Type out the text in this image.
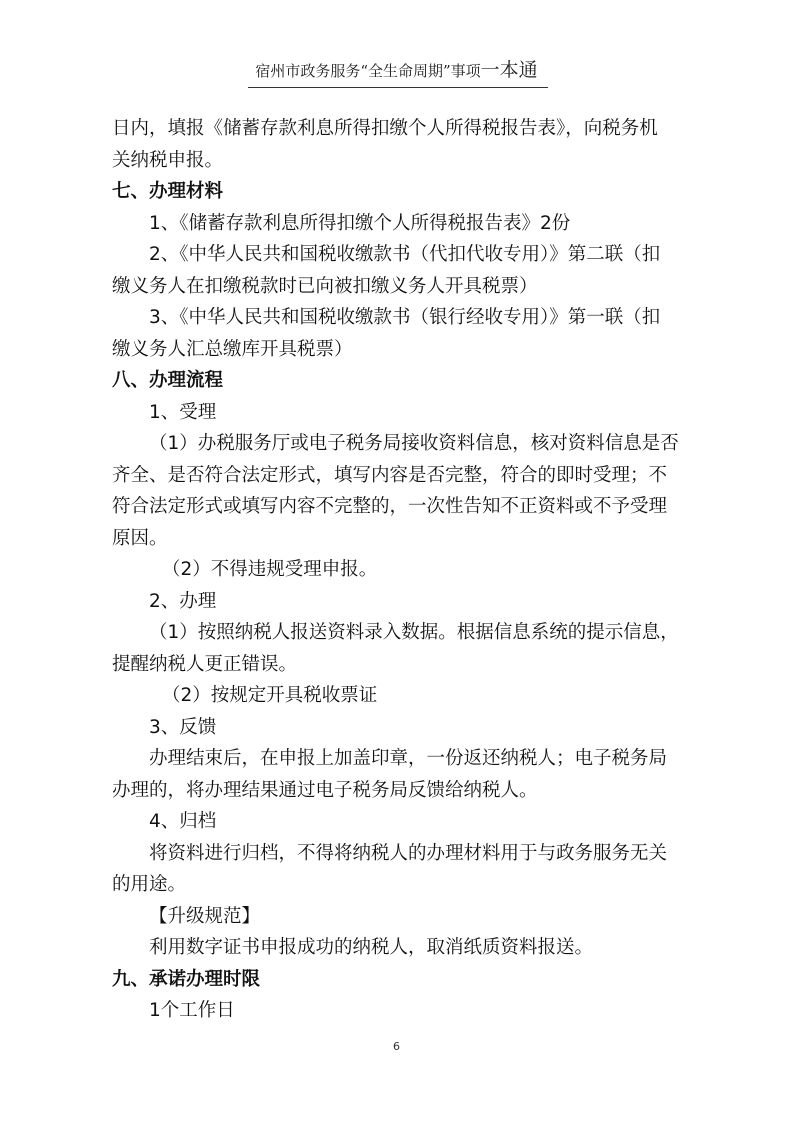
宿州市政务服务“全生命周期”事项一本通
日内，填报《储蓄存款利息所得扣缴个人所得税报告表》，向税务机
关纳税申报。
七、办理材料
1、《储蓄存款利息所得扣缴个人所得税报告表》2份
2、《中华人民共和国税收缴款书（代扣代收专用）》第二联（扣
缴义务人在扣缴税款时已向被扣缴义务人开具税票）
3、《中华人民共和国税收缴款书（银行经收专用）》第一联（扣
缴义务人汇总缴库开具税票）
八、办理流程
1、受理
（1）办税服务厅或电子税务局接收资料信息，核对资料信息是否
齐全、是否符合法定形式，填写内容是否完整，符合的即时受理；不
符合法定形式或填写内容不完整的，一次性告知不正资料或不予受理
原因。
（2）不得违规受理申报。
2、办理
（1）按照纳税人报送资料录入数据。根据信息系统的提示信息，
提醒纳税人更正错误。
（2）按规定开具税收票证
3、反馈
办理结束后，在申报上加盖印章，一份返还纳税人；电子税务局
办理的，将办理结果通过电子税务局反馈给纳税人。
4、归档
将资料进行归档，不得将纳税人的办理材料用于与政务服务无关
的用途。
【升级规范】
利用数字证书申报成功的纳税人，取消纸质资料报送。
九、承诺办理时限
1个工作日
6
